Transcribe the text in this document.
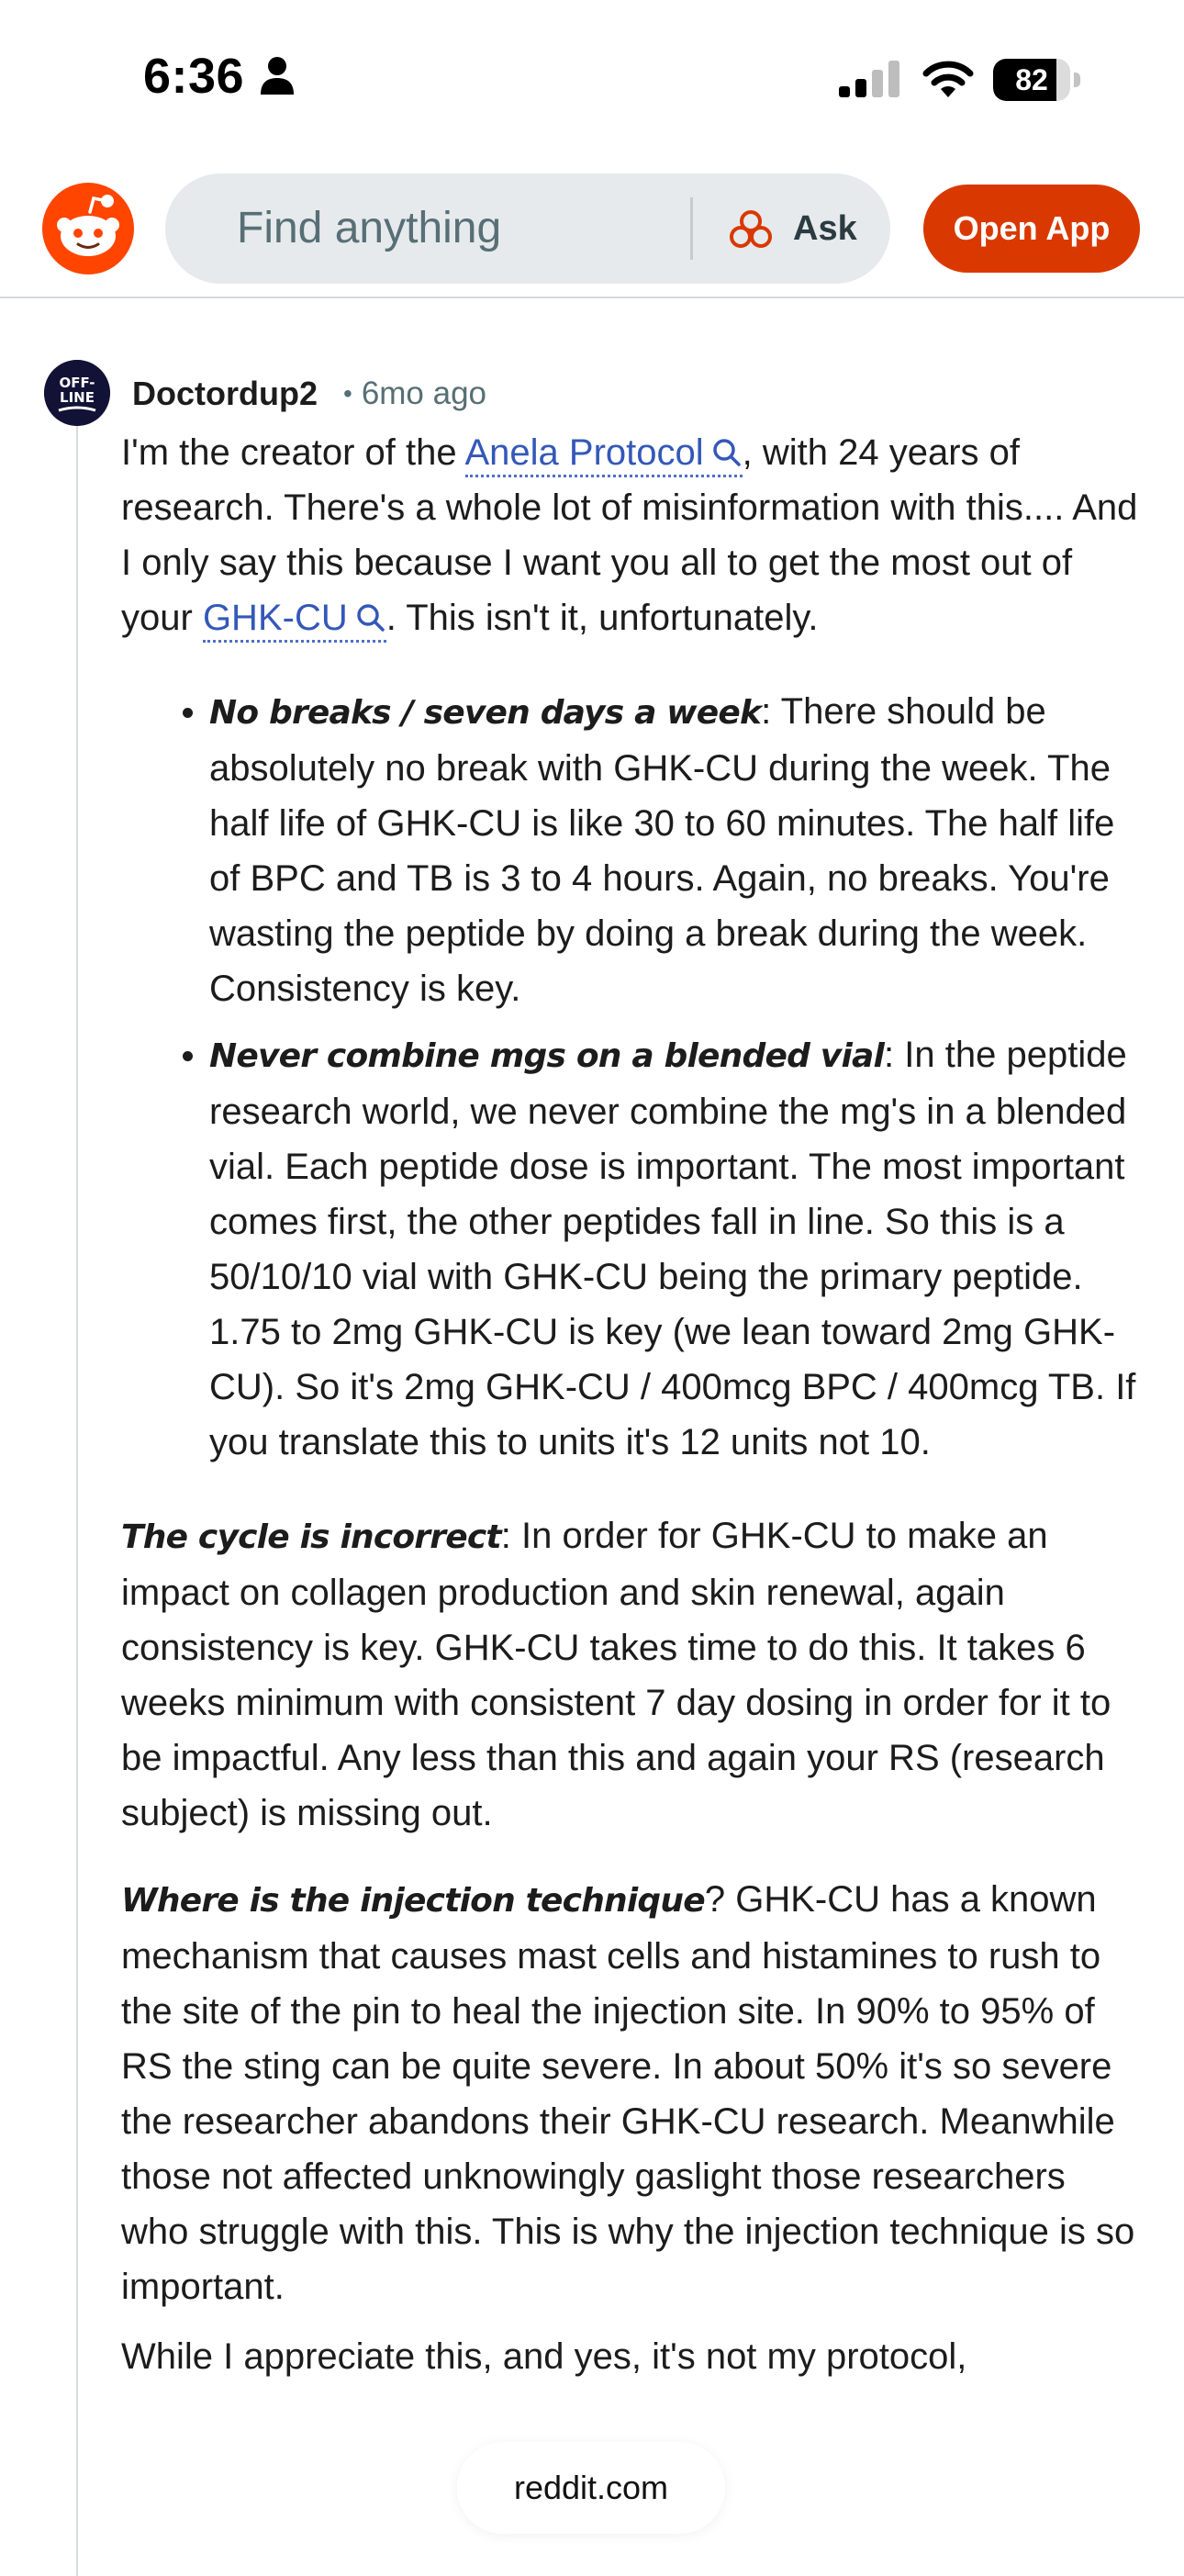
6:36	82
Find anything	Ask	Open App
OFF-
LINE Doctordup2 • 6mo ago

I'm the creator of the Anela Protocol , with 24 years of research. There's a whole lot of misinformation with this.... And I only say this because I want you all to get the most out of your GHK-CU . This isn't it, unfortunately.

• No breaks / seven days a week: There should be absolutely no break with GHK-CU during the week. The half life of GHK-CU is like 30 to 60 minutes. The half life of BPC and TB is 3 to 4 hours. Again, no breaks. You're wasting the peptide by doing a break during the week. Consistency is key.
• Never combine mgs on a blended vial: In the peptide research world, we never combine the mg's in a blended vial. Each peptide dose is important. The most important comes first, the other peptides fall in line. So this is a 50/10/10 vial with GHK-CU being the primary peptide. 1.75 to 2mg GHK-CU is key (we lean toward 2mg GHK-CU). So it's 2mg GHK-CU / 400mcg BPC / 400mcg TB. If you translate this to units it's 12 units not 10.

The cycle is incorrect: In order for GHK-CU to make an impact on collagen production and skin renewal, again consistency is key. GHK-CU takes time to do this. It takes 6 weeks minimum with consistent 7 day dosing in order for it to be impactful. Any less than this and again your RS (research subject) is missing out.

Where is the injection technique? GHK-CU has a known mechanism that causes mast cells and histamines to rush to the site of the pin to heal the injection site. In 90% to 95% of RS the sting can be quite severe. In about 50% it's so severe the researcher abandons their GHK-CU research. Meanwhile those not affected unknowingly gaslight those researchers who struggle with this. This is why the injection technique is so important.

While I appreciate this, and yes, it's not my protocol,

reddit.com
